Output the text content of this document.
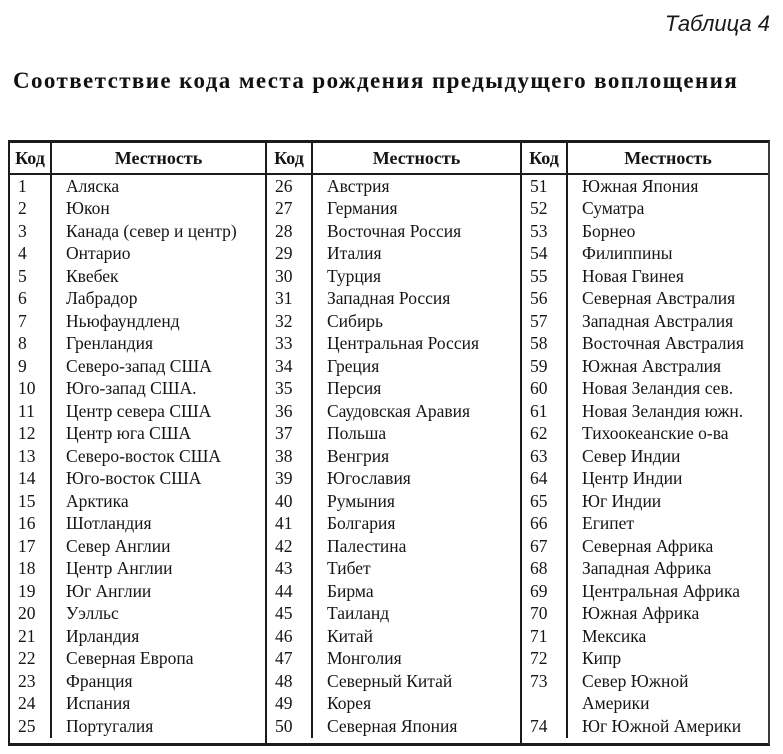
Таблица 4
Соответствие кода места рождения предыдущего воплощения
Код	Местность
1	Аляска
2	Юкон
3	Канада (север и центр)
4	Онтарио
5	Квебек
6	Лабрадор
7	Ньюфаундленд
8	Гренландия
9	Северо-запад США
10	Юго-запад США.
11	Центр севера США
12	Центр юга США
13	Северо-восток США
14	Юго-восток США
15	Арктика
16	Шотландия
17	Север Англии
18	Центр Англии
19	Юг Англии
20	Уэлльс
21	Ирландия
22	Северная Европа
23	Франция
24	Испания
25	Португалия
Код	Местность
26	Австрия
27	Германия
28	Восточная Россия
29	Италия
30	Турция
31	Западная Россия
32	Сибирь
33	Центральная Россия
34	Греция
35	Персия
36	Саудовская Аравия
37	Польша
38	Венгрия
39	Югославия
40	Румыния
41	Болгария
42	Палестина
43	Тибет
44	Бирма
45	Таиланд
46	Китай
47	Монголия
48	Северный Китай
49	Корея
50	Северная Япония
Код	Местность
51	Южная Япония
52	Суматра
53	Борнео
54	Филиппины
55	Новая Гвинея
56	Северная Австралия
57	Западная Австралия
58	Восточная Австралия
59	Южная Австралия
60	Новая Зеландия сев.
61	Новая Зеландия южн.
62	Тихоокеанские о-ва
63	Север Индии
64	Центр Индии
65	Юг Индии
66	Египет
67	Северная Африка
68	Западная Африка
69	Центральная Африка
70	Южная Африка
71	Мексика
72	Кипр
73	Север Южной
Америки
74	Юг Южной Америки
